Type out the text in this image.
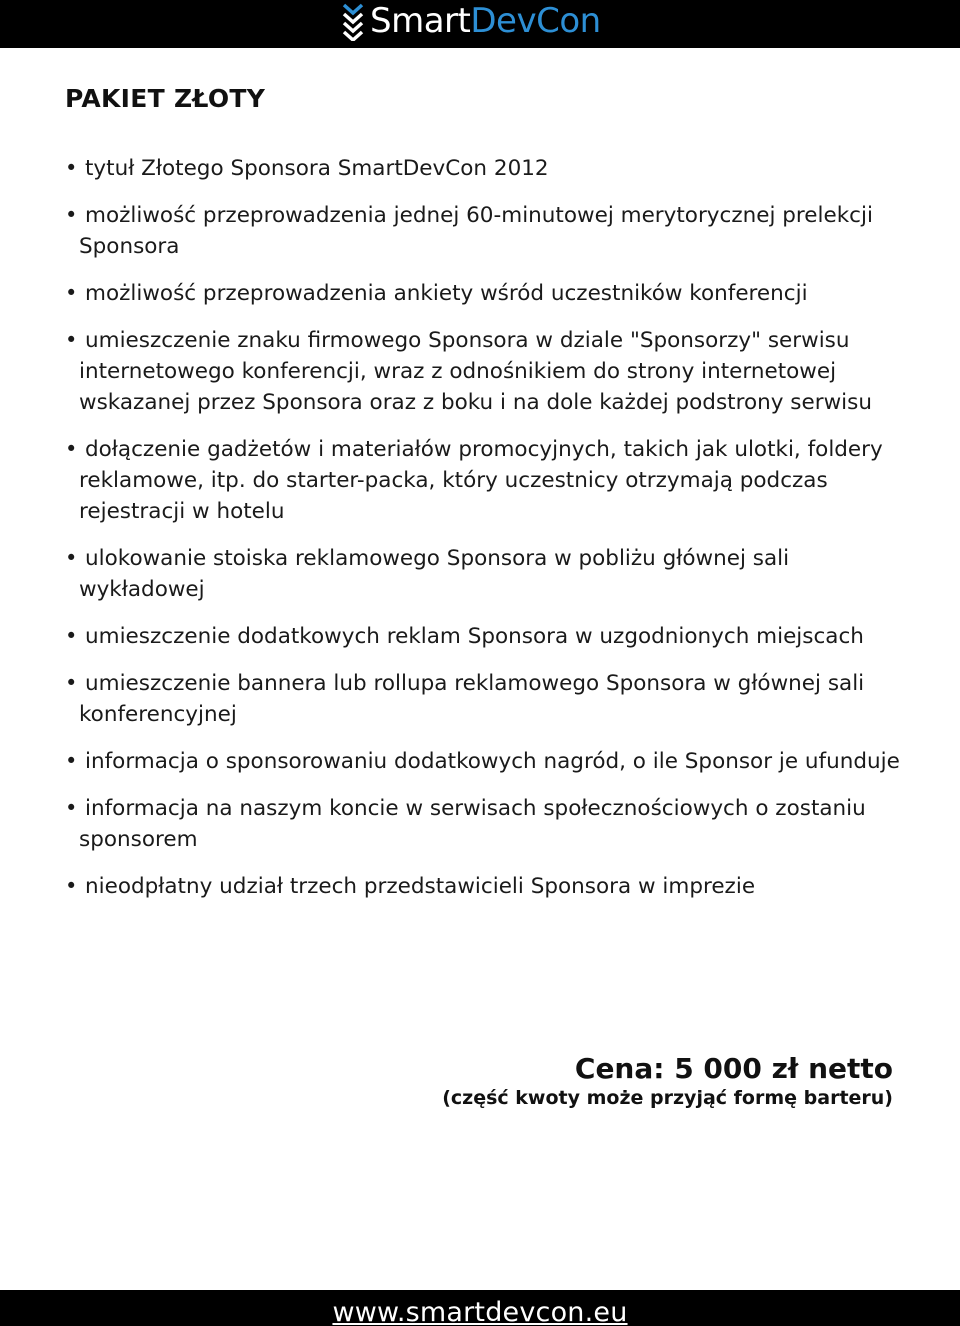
SmartDevCon
PAKIET ZŁOTY
• tytuł Złotego Sponsora SmartDevCon 2012
• możliwość przeprowadzenia jednej 60-minutowej merytorycznej prelekcji Sponsora
• możliwość przeprowadzenia ankiety wśród uczestników konferencji
• umieszczenie znaku firmowego Sponsora w dziale "Sponsorzy" serwisu internetowego konferencji, wraz z odnośnikiem do strony internetowej wskazanej przez Sponsora oraz z boku i na dole każdej podstrony serwisu
• dołączenie gadżetów i materiałów promocyjnych, takich jak ulotki, foldery reklamowe, itp. do starter-packa, który uczestnicy otrzymają podczas rejestracji w hotelu
• ulokowanie stoiska reklamowego Sponsora w pobliżu głównej sali wykładowej
• umieszczenie dodatkowych reklam Sponsora w uzgodnionych miejscach
• umieszczenie bannera lub rollupa reklamowego Sponsora w głównej sali konferencyjnej
• informacja o sponsorowaniu dodatkowych nagród, o ile Sponsor je ufunduje
• informacja na naszym koncie w serwisach społecznościowych o zostaniu sponsorem
• nieodpłatny udział trzech przedstawicieli Sponsora w imprezie
Cena: 5 000 zł netto
(część kwoty może przyjąć formę barteru)
www.smartdevcon.eu
